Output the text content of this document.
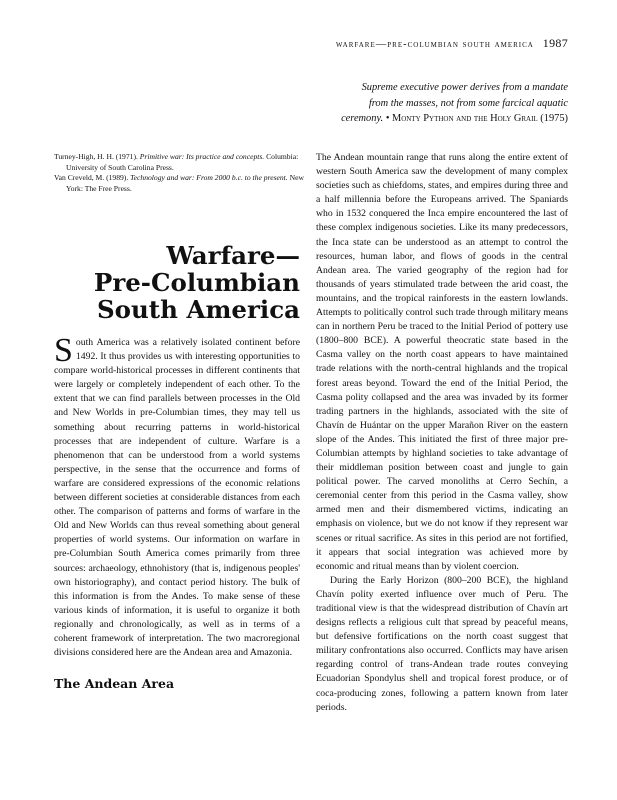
warfare—pre-columbian south america 1987
Supreme executive power derives from a mandate from the masses, not from some farcical aquatic ceremony. • Monty Python and the Holy Grail (1975)

Turney-High, H. H. (1971). Primitive war: Its practice and concepts. Columbia: University of South Carolina Press.

Van Creveld, M. (1989). Technology and war: From 2000 b.c. to the present. New York: The Free Press.

Warfare—
Pre-Columbian
South America

South America was a relatively isolated continent before 1492. It thus provides us with interesting opportunities to compare world-historical processes in different continents that were largely or completely independent of each other. To the extent that we can find parallels between processes in the Old and New Worlds in pre-Columbian times, they may tell us something about recurring patterns in world-historical processes that are independent of culture. Warfare is a phenomenon that can be understood from a world systems perspective, in the sense that the occurrence and forms of warfare are considered expressions of the economic relations between different societies at considerable distances from each other. The comparison of patterns and forms of warfare in the Old and New Worlds can thus reveal something about general properties of world systems. Our information on warfare in pre-Columbian South America comes primarily from three sources: archaeology, ethnohistory (that is, indigenous peoples' own historiography), and contact period history. The bulk of this information is from the Andes. To make sense of these various kinds of information, it is useful to organize it both regionally and chronologically, as well as in terms of a coherent framework of interpretation. The two macroregional divisions considered here are the Andean area and Amazonia.

The Andean Area

The Andean mountain range that runs along the entire extent of western South America saw the development of many complex societies such as chiefdoms, states, and empires during three and a half millennia before the Europeans arrived. The Spaniards who in 1532 conquered the Inca empire encountered the last of these complex indigenous societies. Like its many predecessors, the Inca state can be understood as an attempt to control the resources, human labor, and flows of goods in the central Andean area. The varied geography of the region had for thousands of years stimulated trade between the arid coast, the mountains, and the tropical rainforests in the eastern lowlands. Attempts to politically control such trade through military means can in northern Peru be traced to the Initial Period of pottery use (1800–800 BCE). A powerful theocratic state based in the Casma valley on the north coast appears to have maintained trade relations with the north-central highlands and the tropical forest areas beyond. Toward the end of the Initial Period, the Casma polity collapsed and the area was invaded by its former trading partners in the highlands, associated with the site of Chavín de Huántar on the upper Marañon River on the eastern slope of the Andes. This initiated the first of three major pre-Columbian attempts by highland societies to take advantage of their middleman position between coast and jungle to gain political power. The carved monoliths at Cerro Sechín, a ceremonial center from this period in the Casma valley, show armed men and their dismembered victims, indicating an emphasis on violence, but we do not know if they represent war scenes or ritual sacrifice. As sites in this period are not fortified, it appears that social integration was achieved more by economic and ritual means than by violent coercion.

During the Early Horizon (800–200 BCE), the highland Chavín polity exerted influence over much of Peru. The traditional view is that the widespread distribution of Chavín art designs reflects a religious cult that spread by peaceful means, but defensive fortifications on the north coast suggest that military confrontations also occurred. Conflicts may have arisen regarding control of trans-Andean trade routes conveying Ecuadorian Spondylus shell and tropical forest produce, or of coca-producing zones, following a pattern known from later periods.
